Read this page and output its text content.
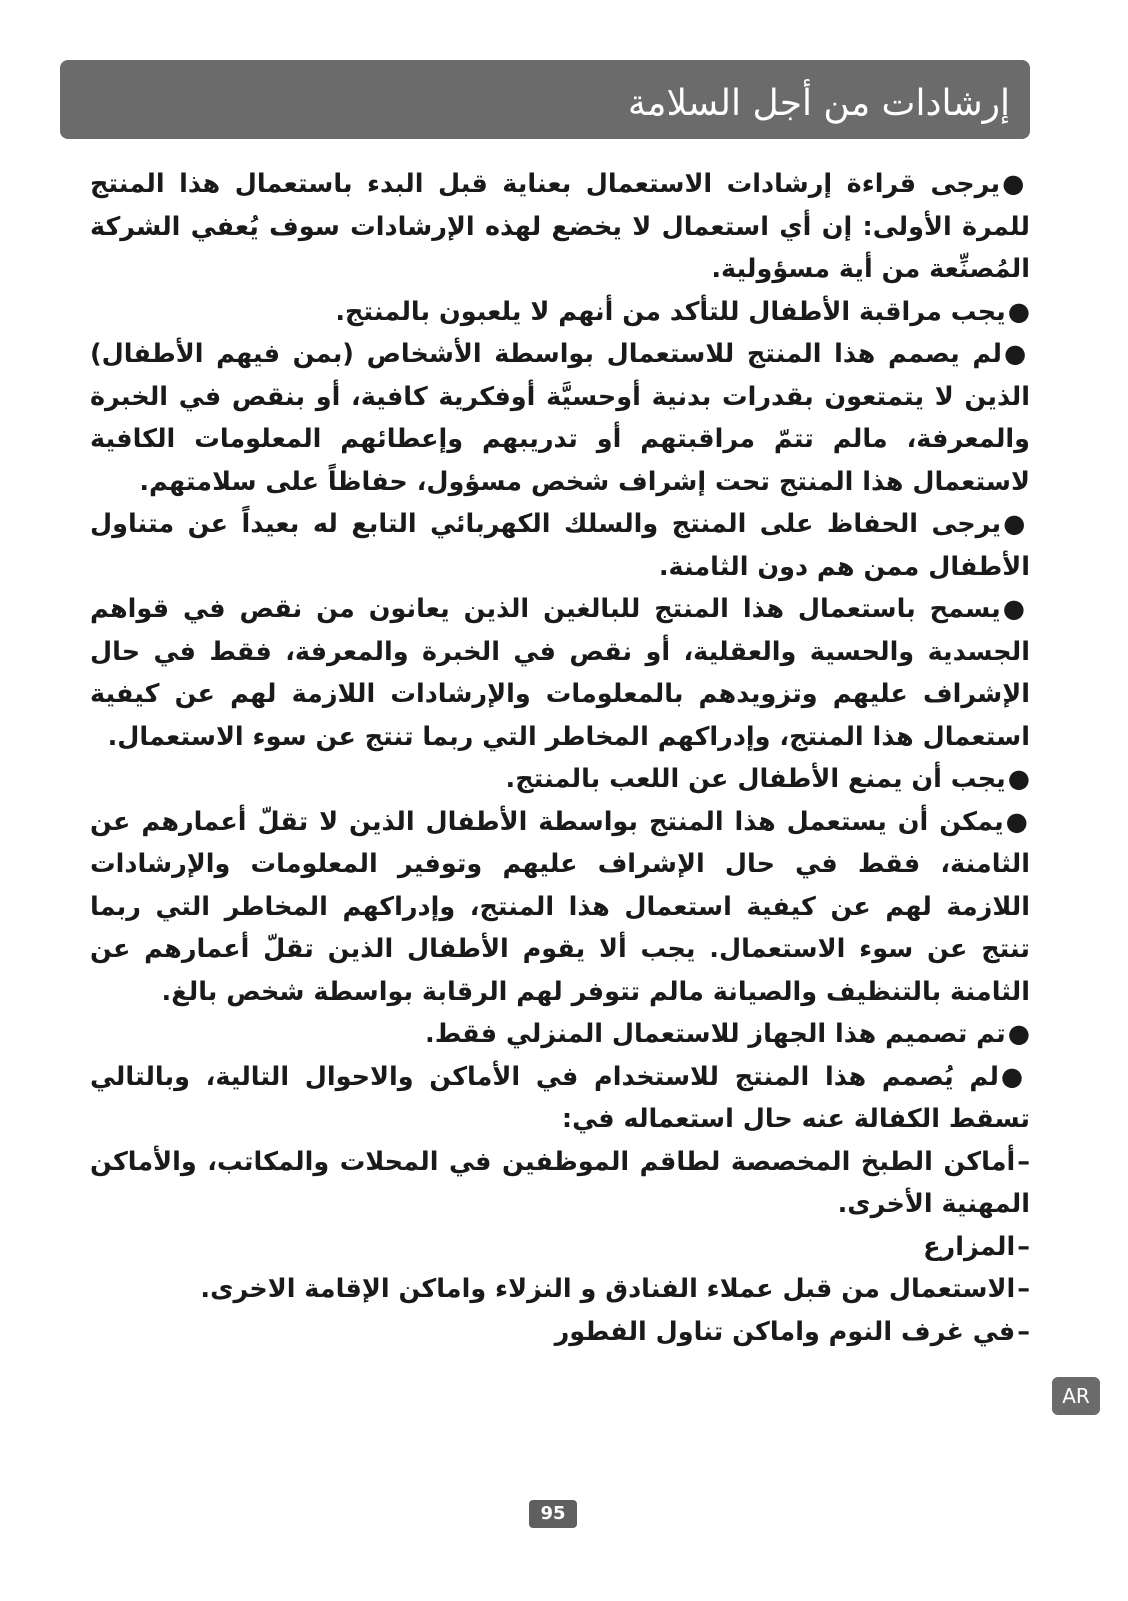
إرشادات من أجل السلامة

●يرجى قراءة إرشادات الاستعمال بعناية قبل البدء باستعمال هذا المنتج للمرة الأولى: إن أي استعمال لا يخضع لهذه الإرشادات سوف يُعفي الشركة المُصنِّعة من أية مسؤولية.

●يجب مراقبة الأطفال للتأكد من أنهم لا يلعبون بالمنتج.

●لم يصمم هذا المنتج للاستعمال بواسطة الأشخاص (بمن فيهم الأطفال) الذين لا يتمتعون بقدرات بدنية أوحسيَّة أوفكرية كافية، أو بنقص في الخبرة والمعرفة، مالم تتمّ مراقبتهم أو تدريبهم وإعطائهم المعلومات الكافية لاستعمال هذا المنتج تحت إشراف شخص مسؤول، حفاظاً على سلامتهم.

●يرجى الحفاظ على المنتج والسلك الكهربائي التابع له بعيداً عن متناول الأطفال ممن هم دون الثامنة.

●يسمح باستعمال هذا المنتج للبالغين الذين يعانون من نقص في قواهم الجسدية والحسية والعقلية، أو نقص في الخبرة والمعرفة، فقط في حال الإشراف عليهم وتزويدهم بالمعلومات والإرشادات اللازمة لهم عن كيفية استعمال هذا المنتج، وإدراكهم المخاطر التي ربما تنتج عن سوء الاستعمال.

●يجب أن يمنع الأطفال عن اللعب بالمنتج.

●يمكن أن يستعمل هذا المنتج بواسطة الأطفال الذين لا تقلّ أعمارهم عن الثامنة، فقط في حال الإشراف عليهم وتوفير المعلومات والإرشادات اللازمة لهم عن كيفية استعمال هذا المنتج، وإدراكهم المخاطر التي ربما تنتج عن سوء الاستعمال. يجب ألا يقوم الأطفال الذين تقلّ أعمارهم عن الثامنة بالتنظيف والصيانة مالم تتوفر لهم الرقابة بواسطة شخص بالغ.

●تم تصميم هذا الجهاز للاستعمال المنزلي فقط.

●لم يُصمم هذا المنتج للاستخدام في الأماكن والاحوال التالية، وبالتالي تسقط الكفالة عنه حال استعماله في:

–أماكن الطبخ المخصصة لطاقم الموظفين في المحلات والمكاتب، والأماكن المهنية الأخرى.

–المزارع

–الاستعمال من قبل عملاء الفنادق و النزلاء واماكن الإقامة الاخرى.

–في غرف النوم واماكن تناول الفطور

AR
95
